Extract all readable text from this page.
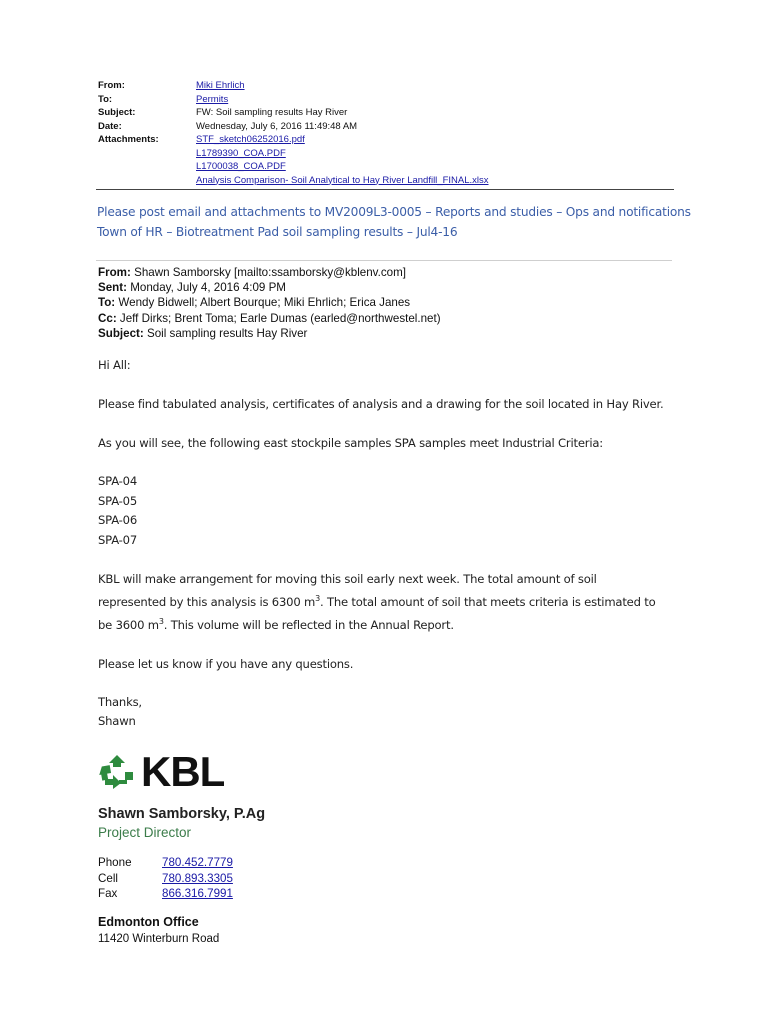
From:	Miki Ehrlich
To:	Permits
Subject:	FW: Soil sampling results Hay River
Date:	Wednesday, July 6, 2016 11:49:48 AM
Attachments:	STF_sketch06252016.pdf
L1789390_COA.PDF
L1700038_COA.PDF
Analysis Comparison- Soil Analytical to Hay River Landfill_FINAL.xlsx
Please post email and attachments to MV2009L3-0005 – Reports and studies – Ops and notifications
Town of HR – Biotreatment Pad soil sampling results – Jul4-16
From: Shawn Samborsky [mailto:ssamborsky@kblenv.com]
Sent: Monday, July 4, 2016 4:09 PM
To: Wendy Bidwell; Albert Bourque; Miki Ehrlich; Erica Janes
Cc: Jeff Dirks; Brent Toma; Earle Dumas (earled@northwestel.net)
Subject: Soil sampling results Hay River
Hi All:
Please find tabulated analysis, certificates of analysis and a drawing for the soil located in Hay River.
As you will see, the following east stockpile samples SPA samples meet Industrial Criteria:
SPA-04
SPA-05
SPA-06
SPA-07
KBL will make arrangement for moving this soil early next week. The total amount of soil
represented by this analysis is 6300 $m^3$. The total amount of soil that meets criteria is estimated to
be 3600 $m^3$. This volume will be reflected in the Annual Report.
Please let us know if you have any questions.
Thanks,
Shawn
KBL
Shawn Samborsky, P.Ag
Project Director
Phone	780.452.7779
Cell	780.893.3305
Fax	866.316.7991
Edmonton Office
11420 Winterburn Road
